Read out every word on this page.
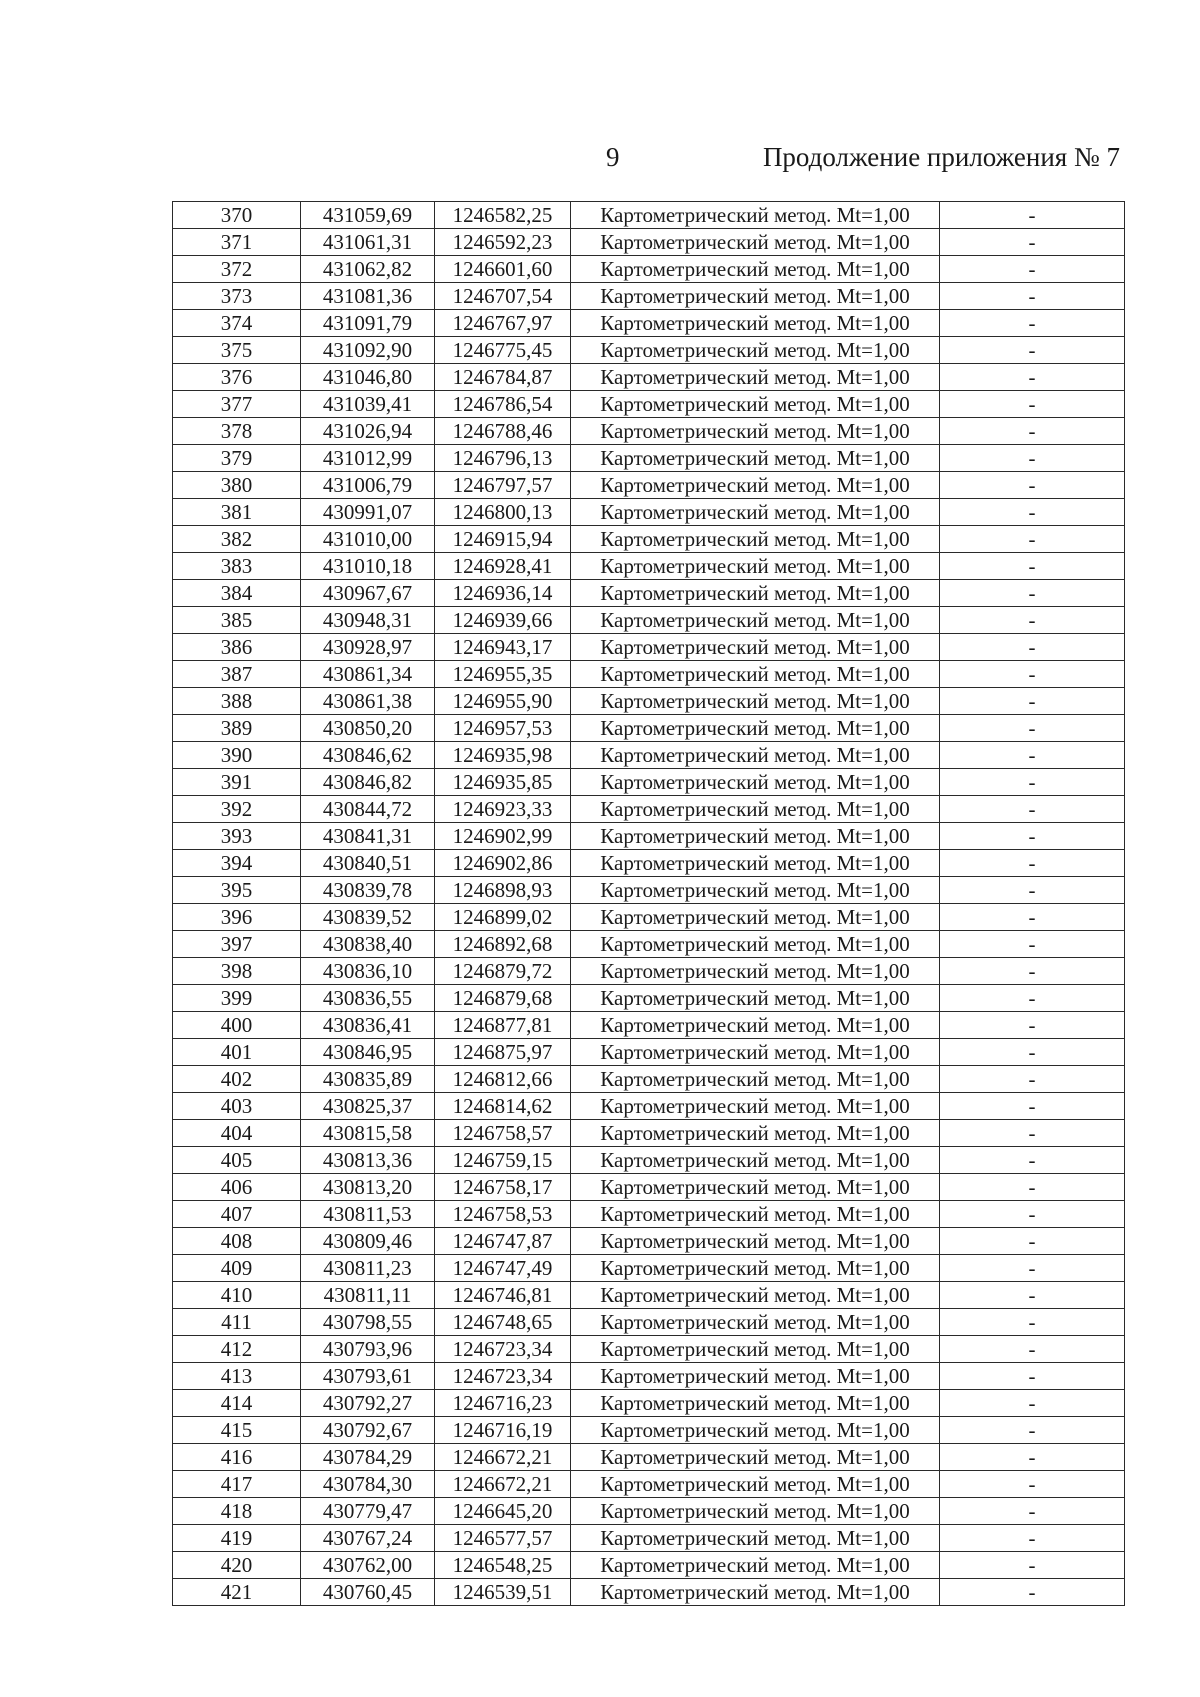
9	Продолжение приложения № 7
370	431059,69	1246582,25	Картометрический метод. Mt=1,00	-
371	431061,31	1246592,23	Картометрический метод. Mt=1,00	-
372	431062,82	1246601,60	Картометрический метод. Mt=1,00	-
373	431081,36	1246707,54	Картометрический метод. Mt=1,00	-
374	431091,79	1246767,97	Картометрический метод. Mt=1,00	-
375	431092,90	1246775,45	Картометрический метод. Mt=1,00	-
376	431046,80	1246784,87	Картометрический метод. Mt=1,00	-
377	431039,41	1246786,54	Картометрический метод. Mt=1,00	-
378	431026,94	1246788,46	Картометрический метод. Mt=1,00	-
379	431012,99	1246796,13	Картометрический метод. Mt=1,00	-
380	431006,79	1246797,57	Картометрический метод. Mt=1,00	-
381	430991,07	1246800,13	Картометрический метод. Mt=1,00	-
382	431010,00	1246915,94	Картометрический метод. Mt=1,00	-
383	431010,18	1246928,41	Картометрический метод. Mt=1,00	-
384	430967,67	1246936,14	Картометрический метод. Mt=1,00	-
385	430948,31	1246939,66	Картометрический метод. Mt=1,00	-
386	430928,97	1246943,17	Картометрический метод. Mt=1,00	-
387	430861,34	1246955,35	Картометрический метод. Mt=1,00	-
388	430861,38	1246955,90	Картометрический метод. Mt=1,00	-
389	430850,20	1246957,53	Картометрический метод. Mt=1,00	-
390	430846,62	1246935,98	Картометрический метод. Mt=1,00	-
391	430846,82	1246935,85	Картометрический метод. Mt=1,00	-
392	430844,72	1246923,33	Картометрический метод. Mt=1,00	-
393	430841,31	1246902,99	Картометрический метод. Mt=1,00	-
394	430840,51	1246902,86	Картометрический метод. Mt=1,00	-
395	430839,78	1246898,93	Картометрический метод. Mt=1,00	-
396	430839,52	1246899,02	Картометрический метод. Mt=1,00	-
397	430838,40	1246892,68	Картометрический метод. Mt=1,00	-
398	430836,10	1246879,72	Картометрический метод. Mt=1,00	-
399	430836,55	1246879,68	Картометрический метод. Mt=1,00	-
400	430836,41	1246877,81	Картометрический метод. Mt=1,00	-
401	430846,95	1246875,97	Картометрический метод. Mt=1,00	-
402	430835,89	1246812,66	Картометрический метод. Mt=1,00	-
403	430825,37	1246814,62	Картометрический метод. Mt=1,00	-
404	430815,58	1246758,57	Картометрический метод. Mt=1,00	-
405	430813,36	1246759,15	Картометрический метод. Mt=1,00	-
406	430813,20	1246758,17	Картометрический метод. Mt=1,00	-
407	430811,53	1246758,53	Картометрический метод. Mt=1,00	-
408	430809,46	1246747,87	Картометрический метод. Mt=1,00	-
409	430811,23	1246747,49	Картометрический метод. Mt=1,00	-
410	430811,11	1246746,81	Картометрический метод. Mt=1,00	-
411	430798,55	1246748,65	Картометрический метод. Mt=1,00	-
412	430793,96	1246723,34	Картометрический метод. Mt=1,00	-
413	430793,61	1246723,34	Картометрический метод. Mt=1,00	-
414	430792,27	1246716,23	Картометрический метод. Mt=1,00	-
415	430792,67	1246716,19	Картометрический метод. Mt=1,00	-
416	430784,29	1246672,21	Картометрический метод. Mt=1,00	-
417	430784,30	1246672,21	Картометрический метод. Mt=1,00	-
418	430779,47	1246645,20	Картометрический метод. Mt=1,00	-
419	430767,24	1246577,57	Картометрический метод. Mt=1,00	-
420	430762,00	1246548,25	Картометрический метод. Mt=1,00	-
421	430760,45	1246539,51	Картометрический метод. Mt=1,00	-
